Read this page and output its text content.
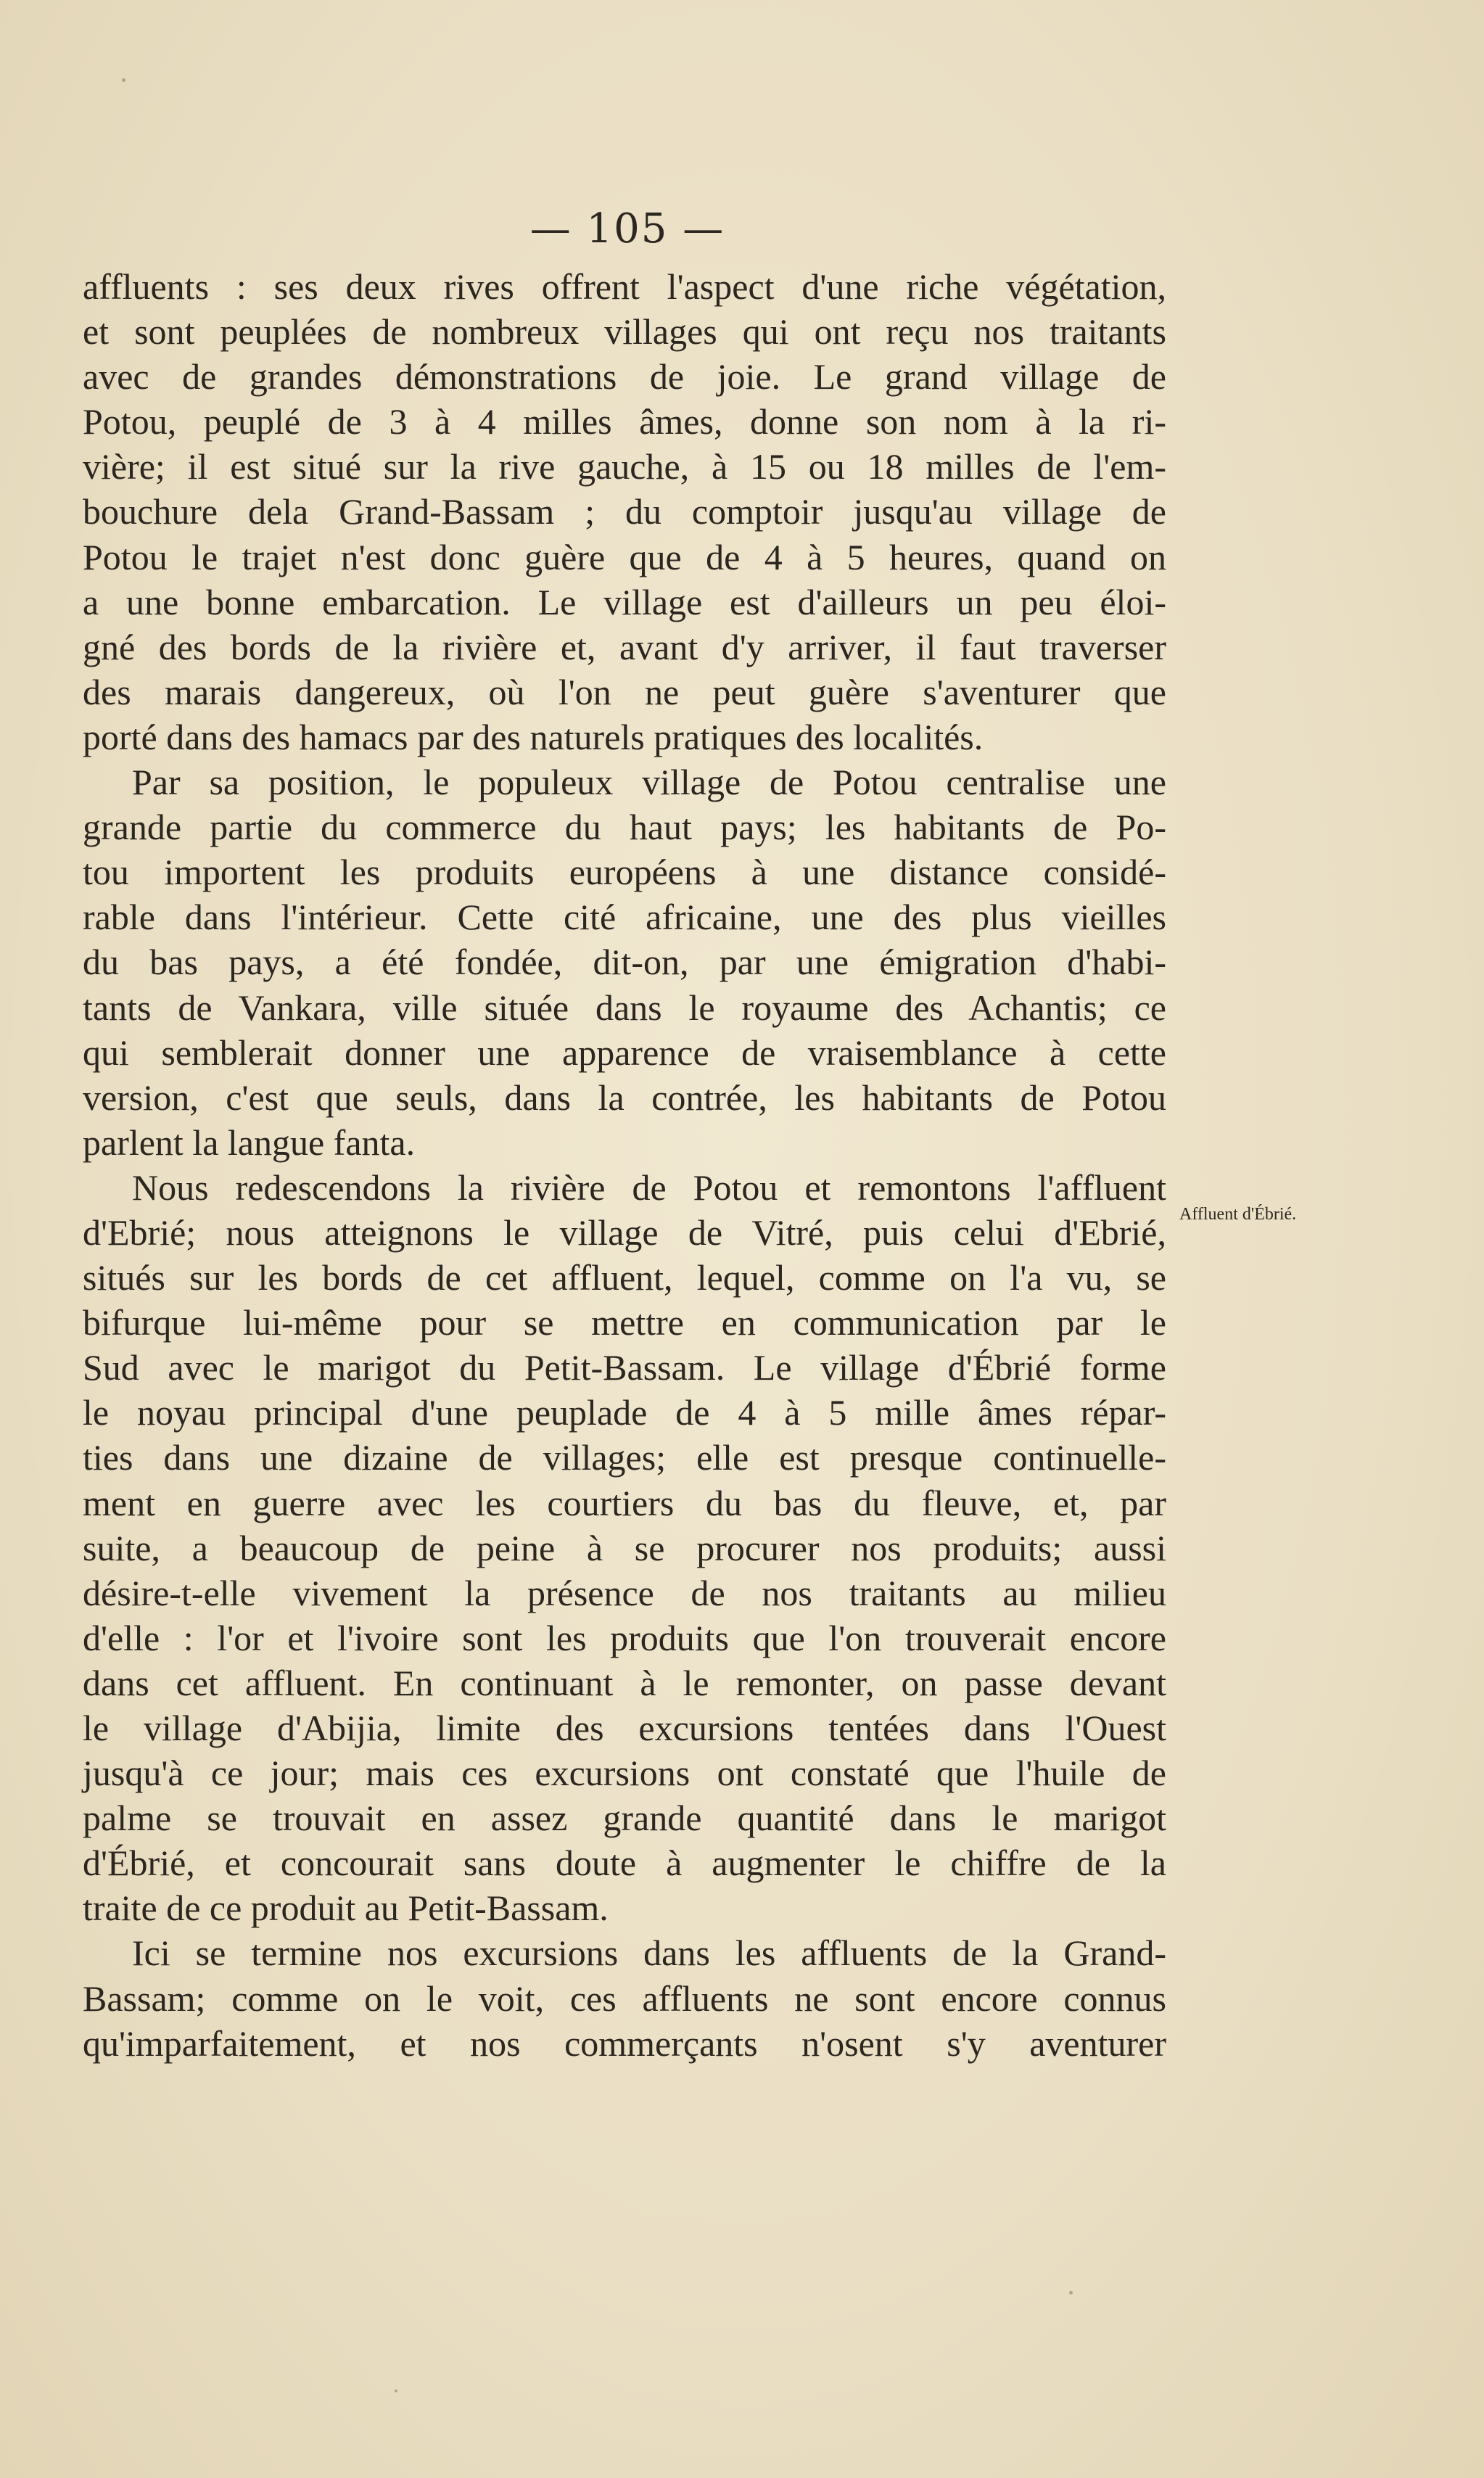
— 105 —
affluents : ses deux rives offrent l'aspect d'une riche végétation,
et sont peuplées de nombreux villages qui ont reçu nos traitants
avec de grandes démonstrations de joie. Le grand village de
Potou, peuplé de 3 à 4 milles âmes, donne son nom à la ri-
vière; il est situé sur la rive gauche, à 15 ou 18 milles de l'em-
bouchure dela Grand-Bassam ; du comptoir jusqu'au village de
Potou le trajet n'est donc guère que de 4 à 5 heures, quand on
a une bonne embarcation. Le village est d'ailleurs un peu éloi-
gné des bords de la rivière et, avant d'y arriver, il faut traverser
des marais dangereux, où l'on ne peut guère s'aventurer que
porté dans des hamacs par des naturels pratiques des localités.
Par sa position, le populeux village de Potou centralise une
grande partie du commerce du haut pays; les habitants de Po-
tou importent les produits européens à une distance considé-
rable dans l'intérieur. Cette cité africaine, une des plus vieilles
du bas pays, a été fondée, dit-on, par une émigration d'habi-
tants de Vankara, ville située dans le royaume des Achantis; ce
qui semblerait donner une apparence de vraisemblance à cette
version, c'est que seuls, dans la contrée, les habitants de Potou
parlent la langue fanta.
Nous redescendons la rivière de Potou et remontons l'affluent
d'Ebrié; nous atteignons le village de Vitré, puis celui d'Ebrié,
situés sur les bords de cet affluent, lequel, comme on l'a vu, se
bifurque lui-même pour se mettre en communication par le
Sud avec le marigot du Petit-Bassam. Le village d'Ébrié forme
le noyau principal d'une peuplade de 4 à 5 mille âmes répar-
ties dans une dizaine de villages; elle est presque continuelle-
ment en guerre avec les courtiers du bas du fleuve, et, par
suite, a beaucoup de peine à se procurer nos produits; aussi
désire-t-elle vivement la présence de nos traitants au milieu
d'elle : l'or et l'ivoire sont les produits que l'on trouverait encore
dans cet affluent. En continuant à le remonter, on passe devant
le village d'Abijia, limite des excursions tentées dans l'Ouest
jusqu'à ce jour; mais ces excursions ont constaté que l'huile de
palme se trouvait en assez grande quantité dans le marigot
d'Ébrié, et concourait sans doute à augmenter le chiffre de la
traite de ce produit au Petit-Bassam.
Ici se termine nos excursions dans les affluents de la Grand-
Bassam; comme on le voit, ces affluents ne sont encore connus
qu'imparfaitement, et nos commerçants n'osent s'y aventurer
Affluent d'Ébrié.
